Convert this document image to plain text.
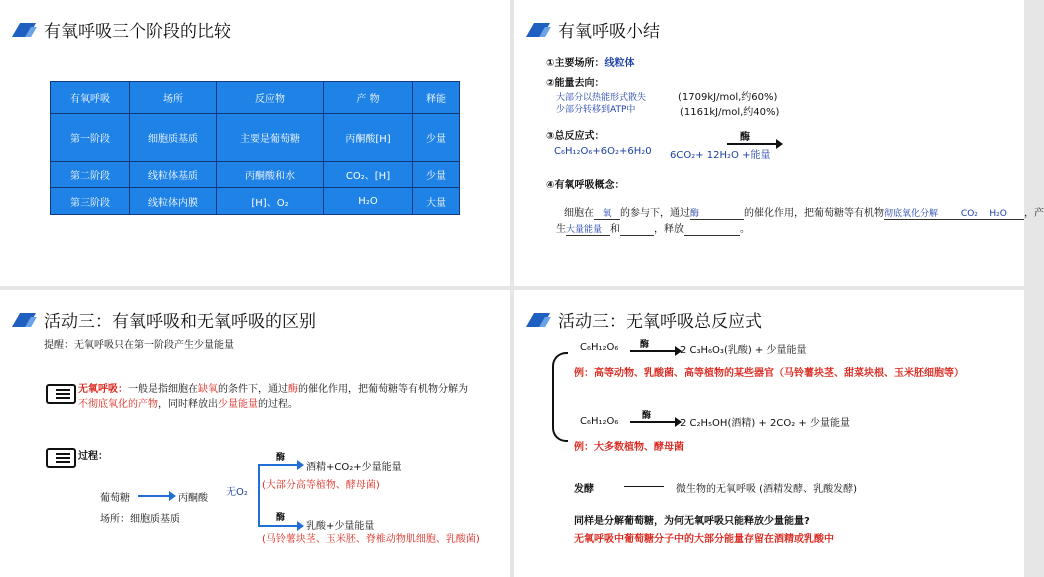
有氧呼吸三个阶段的比较
有氧呼吸	场所	反应物	产 物	释能
第一阶段	细胞质基质	主要是葡萄糖	丙酮酸[H]	少量
第二阶段	线粒体基质	丙酮酸和水	CO₂、[H]	少量
第三阶段	线粒体内膜	[H]、O₂	H₂O	大量
有氧呼吸小结
①主要场所：线粒体
②能量去向：
大部分以热能形式散失	(1709kJ/mol,约60%)
少部分转移到ATP中	(1161kJ/mol,约40%)
③总反应式：	酶
C₆H₁₂O₆+6O₂+6H₂0 6CO₂+ 12H₂O +能量
④有氧呼吸概念：
细胞在 氧 的参与下，通过酶	的催化作用，把葡萄糖等有机物彻底氧化分解	CO₂ H₂O ，产
生大量能量 和	，释放	。
活动三：有氧呼吸和无氧呼吸的区别
提醒：无氧呼吸只在第一阶段产生少量能量
无氧呼吸：一般是指细胞在缺氧的条件下，通过酶的催化作用，把葡萄糖等有机物分解为
不彻底氧化的产物，同时释放出少量能量的过程。
过程：
葡萄糖	丙酮酸
场所：细胞质基质
无O₂
酶
酶
酒精+CO₂+少量能量
(大部分高等植物、酵母菌)
乳酸+少量能量
(马铃薯块茎、玉米胚、脊椎动物肌细胞、乳酸菌)
活动三：无氧呼吸总反应式
C₆H₁₂O₆ 酶 → 2 C₃H₆O₃(乳酸) + 少量能量
例：高等动物、乳酸菌、高等植物的某些器官（马铃薯块茎、甜菜块根、玉米胚细胞等）
C₆H₁₂O₆	酶
→ 2 C₂H₅OH(酒精) + 2CO₂ + 少量能量
例：大多数植物、酵母菌
发酵	微生物的无氧呼吸 (酒精发酵、乳酸发酵)
同样是分解葡萄糖，为何无氧呼吸只能释放少量能量?
无氧呼吸中葡萄糖分子中的大部分能量存留在酒精或乳酸中
